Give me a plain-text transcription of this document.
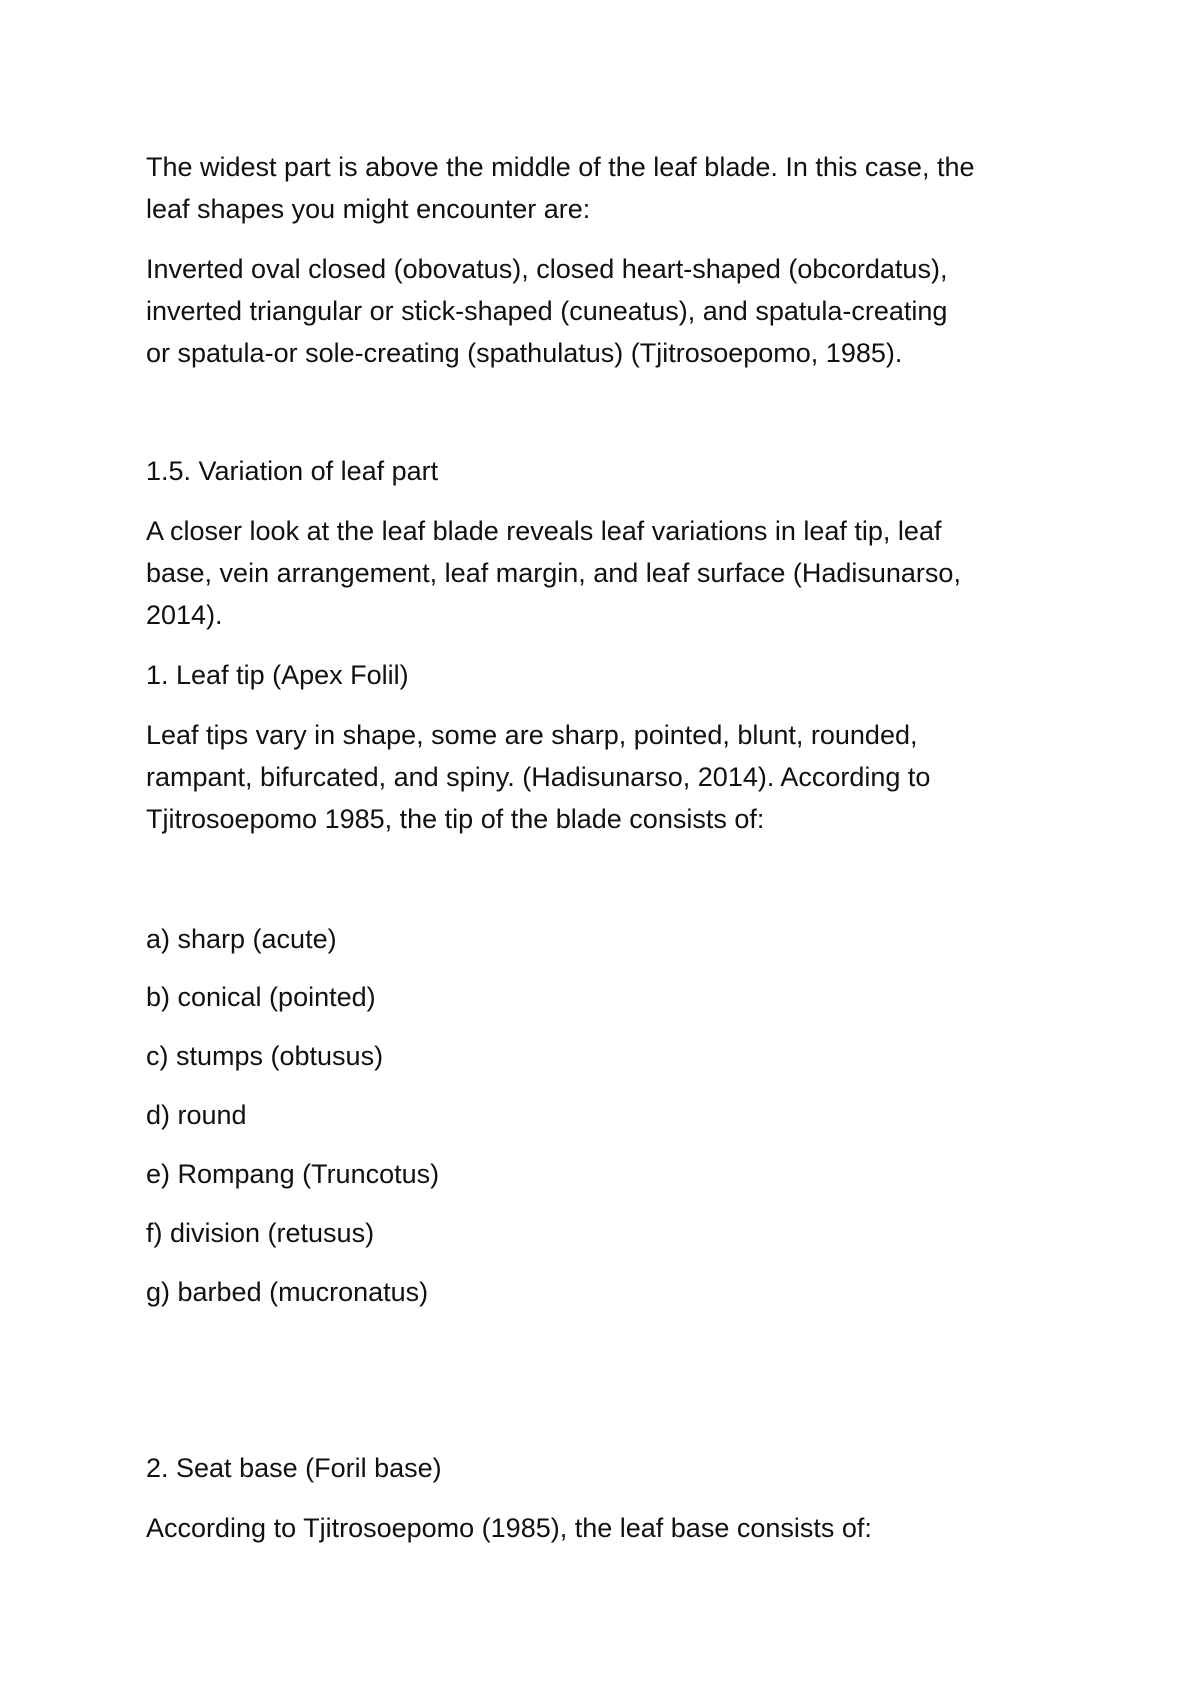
The widest part is above the middle of the leaf blade. In this case, the

leaf shapes you might encounter are:

Inverted oval closed (obovatus), closed heart-shaped (obcordatus),

inverted triangular or stick-shaped (cuneatus), and spatula-creating

or spatula-or sole-creating (spathulatus) (Tjitrosoepomo, 1985).

1.5. Variation of leaf part

A closer look at the leaf blade reveals leaf variations in leaf tip, leaf

base, vein arrangement, leaf margin, and leaf surface (Hadisunarso,

2014).

1. Leaf tip (Apex Folil)

Leaf tips vary in shape, some are sharp, pointed, blunt, rounded,

rampant, bifurcated, and spiny. (Hadisunarso, 2014). According to

Tjitrosoepomo 1985, the tip of the blade consists of:

a) sharp (acute)

b) conical (pointed)

c) stumps (obtusus)

d) round

e) Rompang (Truncotus)

f) division (retusus)

g) barbed (mucronatus)

2. Seat base (Foril base)

According to Tjitrosoepomo (1985), the leaf base consists of:
